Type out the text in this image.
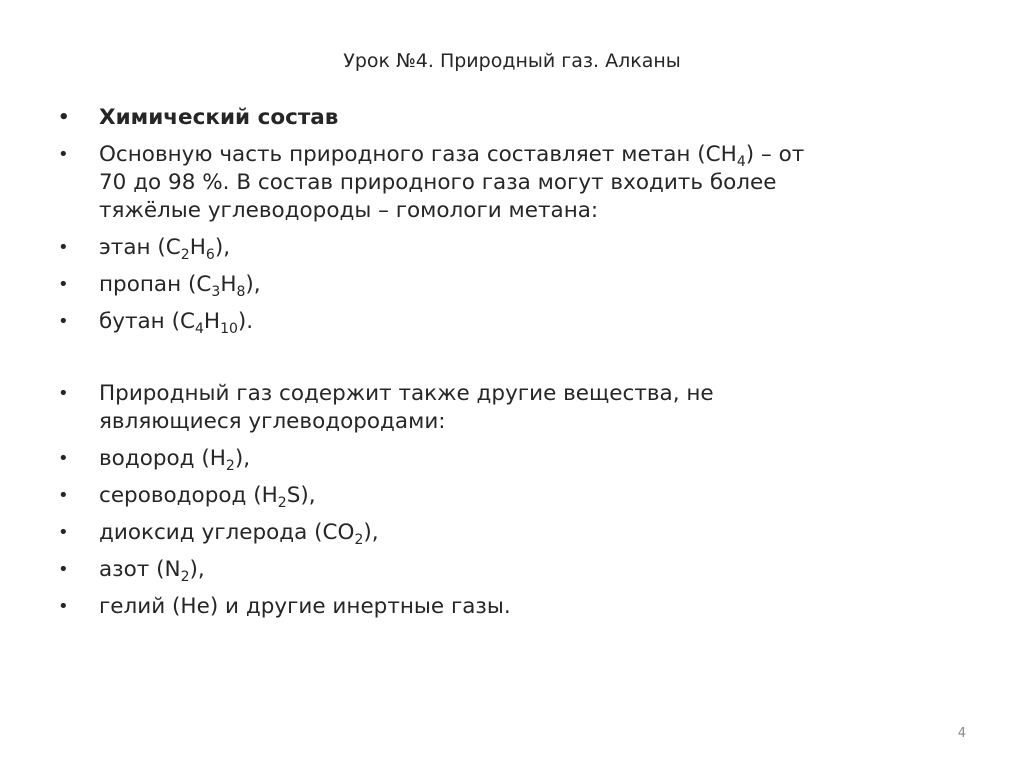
Урок №4. Природный газ. Алканы
• Химический состав
• Основную часть природного газа составляет метан $(CH_4)$ – от
70 до 98 %. В состав природного газа могут входить более
тяжёлые углеводороды – гомологи метана:
• этан $(C_2H_6)$,
• пропан $(C_3H_8)$,
• бутан $(C_4H_{10})$.
• Природный газ содержит также другие вещества, не
являющиеся углеводородами:
• водород $(H_2)$,
• сероводород $(H_2S)$,
• диоксид углерода $(CO_2)$,
• азот $(N_2)$,
• гелий (He) и другие инертные газы.
4
